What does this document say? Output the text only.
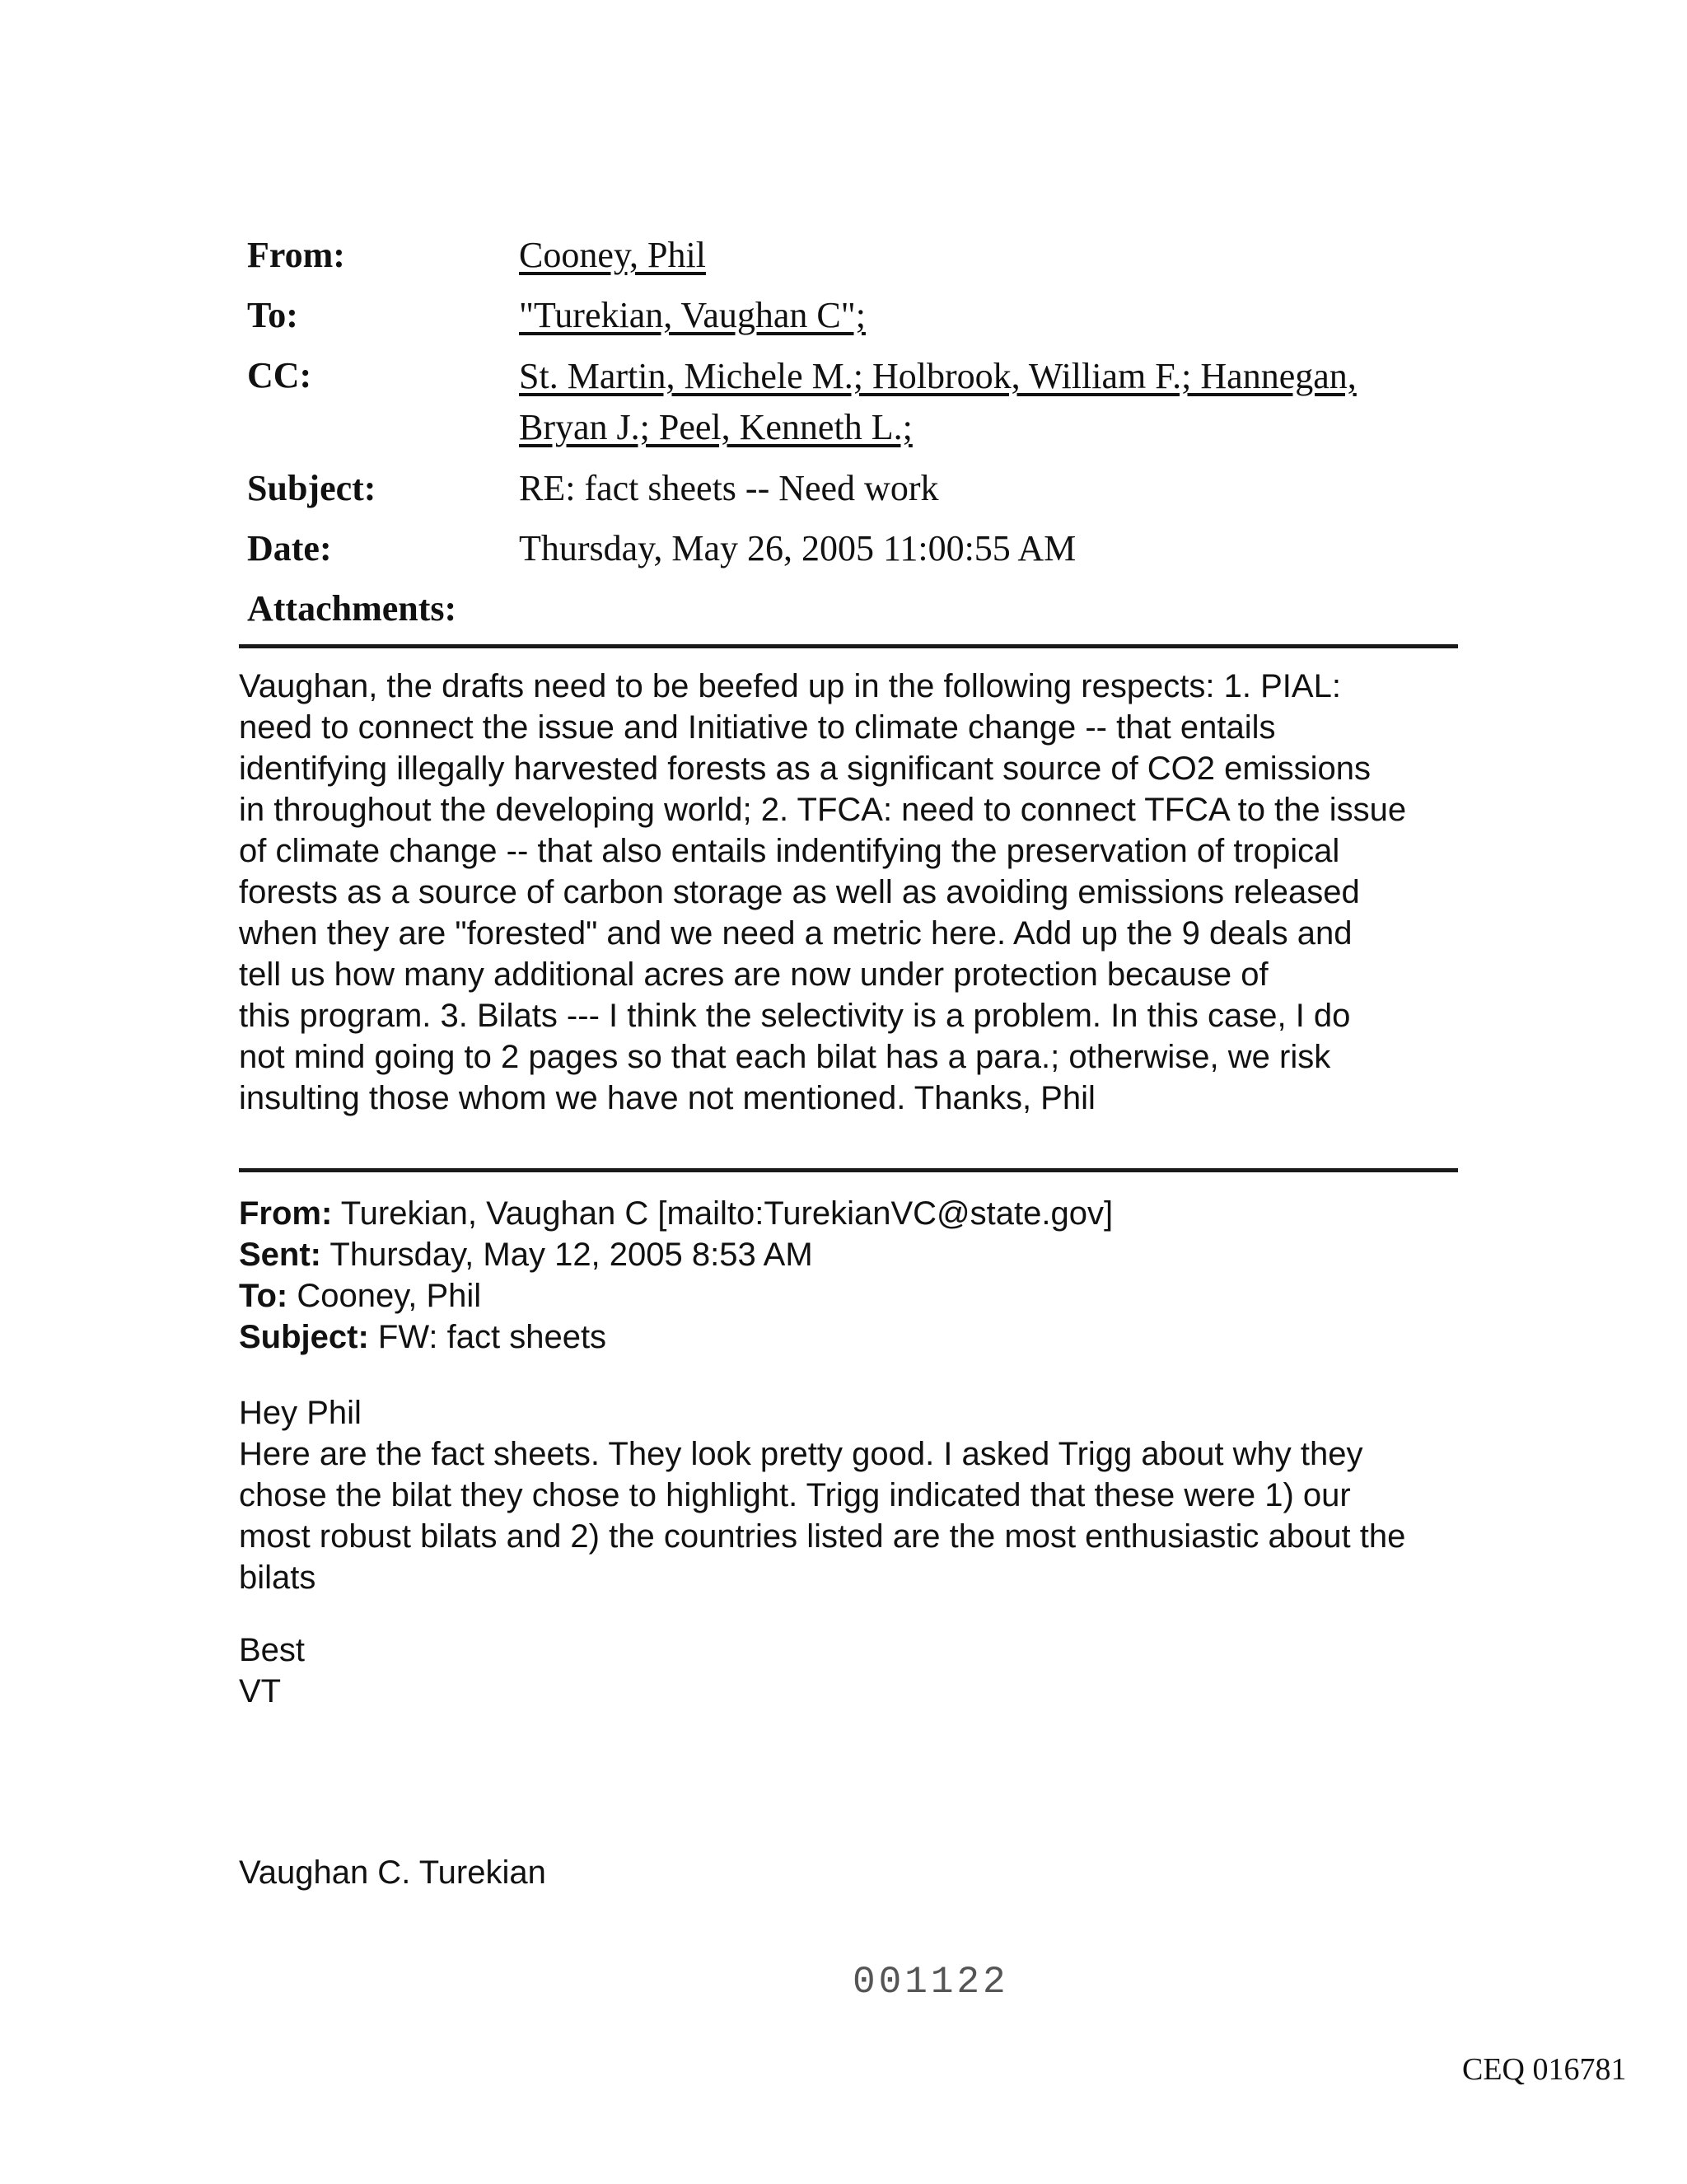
From:	Cooney, Phil
To:	"Turekian, Vaughan C";
CC:	St. Martin, Michele M.; Holbrook, William F.; Hannegan,
Bryan J.; Peel, Kenneth L.;
Subject:	RE: fact sheets -- Need work
Date:	Thursday, May 26, 2005 11:00:55 AM
Attachments:

Vaughan, the drafts need to be beefed up in the following respects: 1. PIAL:

need to connect the issue and Initiative to climate change -- that entails

identifying illegally harvested forests as a significant source of CO2 emissions

in throughout the developing world; 2. TFCA: need to connect TFCA to the issue

of climate change -- that also entails indentifying the preservation of tropical

forests as a source of carbon storage as well as avoiding emissions released

when they are "forested" and we need a metric here. Add up the 9 deals and

tell us how many additional acres are now under protection because of

this program. 3. Bilats --- I think the selectivity is a problem. In this case, I do

not mind going to 2 pages so that each bilat has a para.; otherwise, we risk

insulting those whom we have not mentioned. Thanks, Phil

From: Turekian, Vaughan C [mailto:TurekianVC@state.gov]
Sent: Thursday, May 12, 2005 8:53 AM
To: Cooney, Phil
Subject: FW: fact sheets

Hey Phil

Here are the fact sheets. They look pretty good. I asked Trigg about why they

chose the bilat they chose to highlight. Trigg indicated that these were 1) our

most robust bilats and 2) the countries listed are the most enthusiastic about the

bilats

Best
VT
Vaughan C. Turekian
001122
CEQ 016781
